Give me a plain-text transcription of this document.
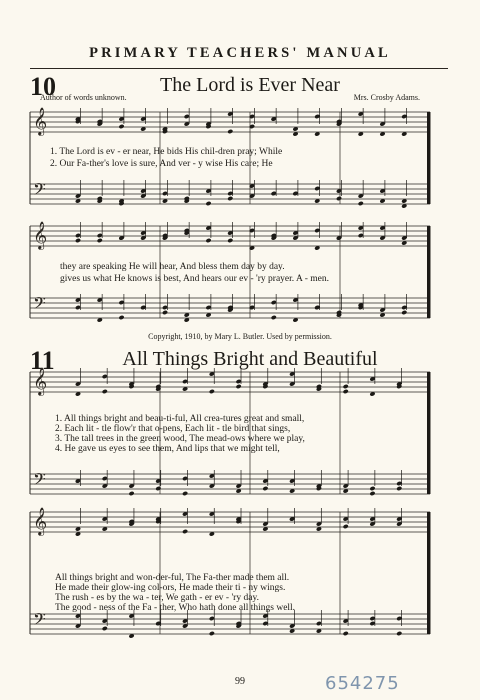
PRIMARY TEACHERS' MANUAL
10	The Lord is Ever Near
Author of words unknown.	Mrs. Crosby Adams.
1. The Lord is ev - er near, He bids His chil-dren pray; While
2. Our Fa-ther's love is sure, And ver - y wise His care; He
they are speaking He will hear, And bless them day by day.
gives us what He knows is best, And hears our ev - 'ry prayer. A - men.
Copyright, 1910, by Mary L. Butler. Used by permission.
11	All Things Bright and Beautiful
1. All things bright and beau-ti-ful, All crea-tures great and small,
2. Each lit - tle flow'r that o-pens, Each lit - tle bird that sings,
3. The tall trees in the green wood, The mead-ows where we play,
4. He gave us eyes to see them, And lips that we might tell,
All things bright and won-der-ful, The Fa-ther made them all.
He made their glow-ing col-ors, He made their ti - ny wings.
The rush - es by the wa - ter, We gath - er ev - 'ry day.
The good - ness of the Fa - ther, Who hath done all things well.
99	654275
𝄞
𝄢
𝄞
𝄢
𝄞
𝄢
𝄞
𝄢
